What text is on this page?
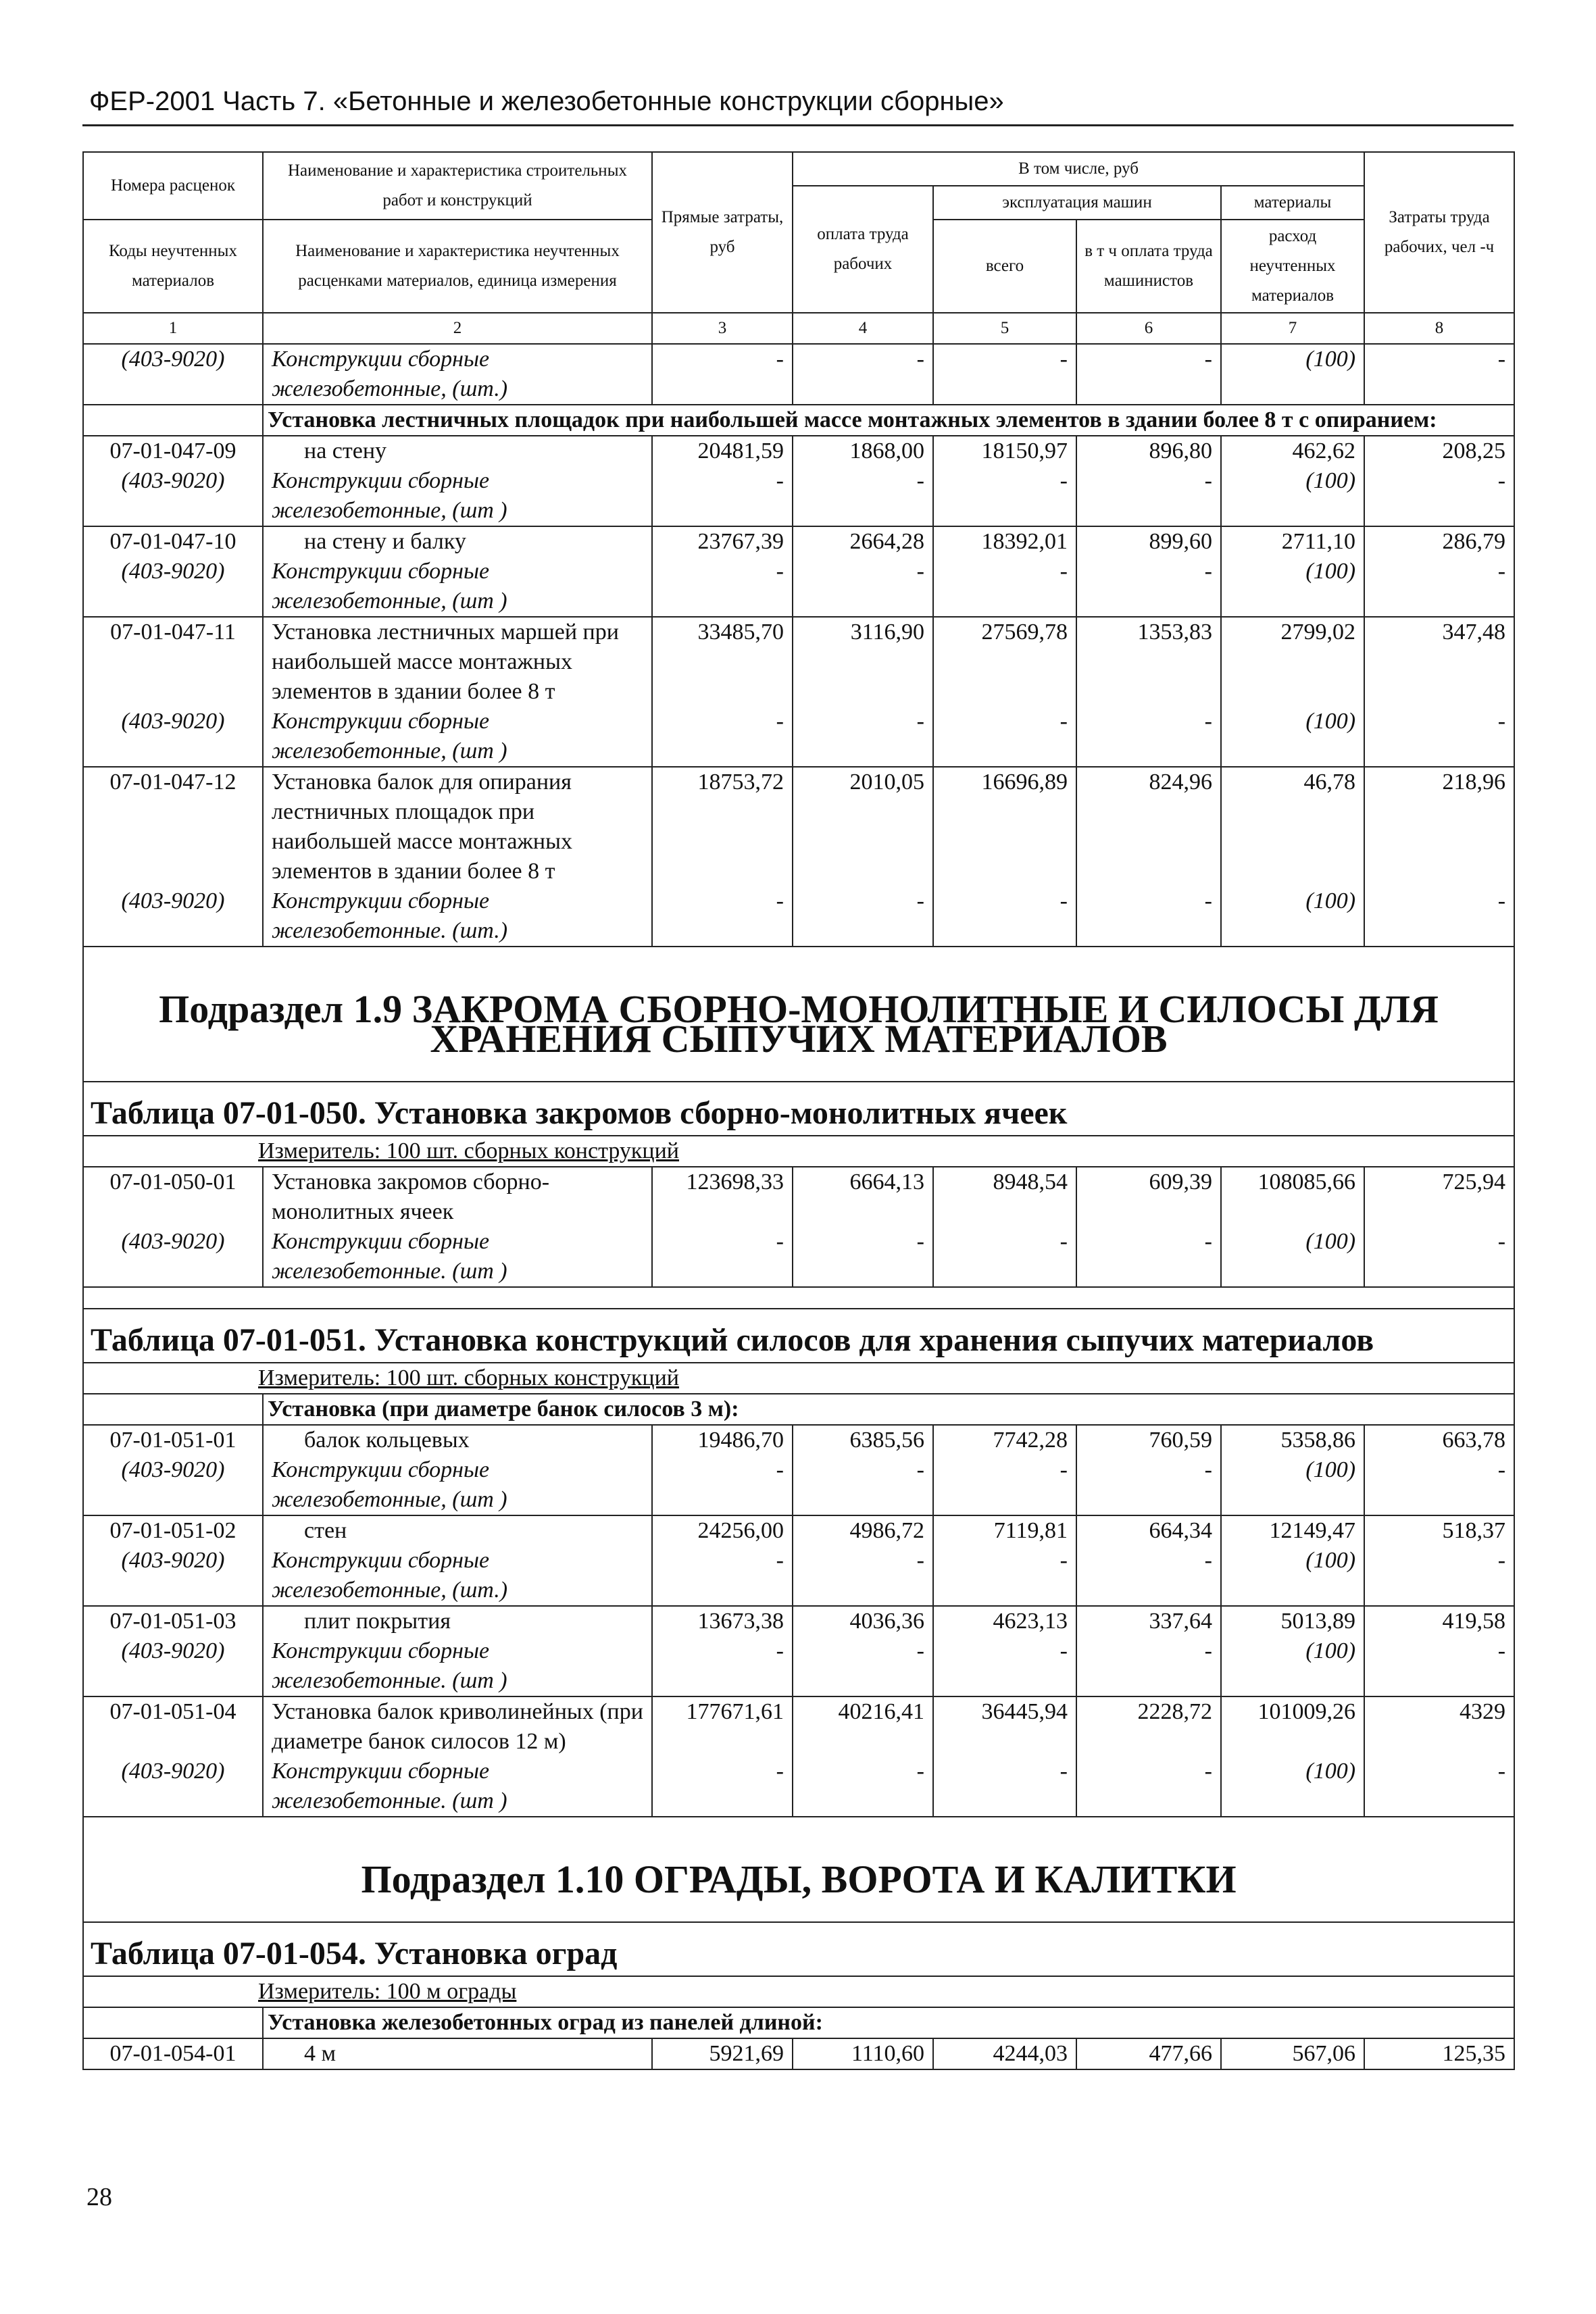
ФЕР-2001 Часть 7. «Бетонные и железобетонные конструкции сборные»
Номера расценок	Наименование и характеристика строительных работ и конструкций	Прямые затраты, руб	В том числе, руб				Затраты труда рабочих, чел -ч
			оплата труда рабочих	эксплуатация машин		материалы	
Коды неучтенных материалов	Наименование и характеристика неучтенных расценками материалов, единица измерения			всего	в т ч оплата труда машинистов	расход неучтенных материалов	
1	2	3	4	5	6	7	8
(403-9020)	Конструкции сборные железобетонные, (шт.)	-	-	-	-	(100)	-
	Установка лестничных площадок при наибольшей массе монтажных элементов в здании более 8 т с опиранием:						
07-01-047-09	на стену	20481,59	1868,00	18150,97	896,80	462,62	208,25
(403-9020)	Конструкции сборные железобетонные, (шт )	-	-	-	-	(100)	-
07-01-047-10	на стену и балку	23767,39	2664,28	18392,01	899,60	2711,10	286,79
(403-9020)	Конструкции сборные железобетонные, (шт )	-	-	-	-	(100)	-
07-01-047-11	Установка лестничных маршей при наибольшей массе монтажных элементов в здании более 8 т	33485,70	3116,90	27569,78	1353,83	2799,02	347,48
(403-9020)	Конструкции сборные железобетонные, (шт )	-	-	-	-	(100)	-
07-01-047-12	Установка балок для опирания лестничных площадок при наибольшей массе монтажных элементов в здании более 8 т	18753,72	2010,05	16696,89	824,96	46,78	218,96
(403-9020)	Конструкции сборные железобетонные. (шт.)	-	-	-	-	(100)	-
Подраздел 1.9 ЗАКРОМА СБОРНО-МОНОЛИТНЫЕ И СИЛОСЫ ДЛЯ ХРАНЕНИЯ СЫПУЧИХ МАТЕРИАЛОВ							
Таблица 07-01-050. Установка закромов сборно-монолитных ячеек							
Измеритель: 100 шт. сборных конструкций							
07-01-050-01	Установка закромов сборно-монолитных ячеек	123698,33	6664,13	8948,54	609,39	108085,66	725,94
(403-9020)	Конструкции сборные железобетонные. (шт )	-	-	-	-	(100)	-

Таблица 07-01-051. Установка конструкций силосов для хранения сыпучих материалов							
Измеритель: 100 шт. сборных конструкций							
	Установка (при диаметре банок силосов 3 м):						
07-01-051-01	балок кольцевых	19486,70	6385,56	7742,28	760,59	5358,86	663,78
(403-9020)	Конструкции сборные железобетонные, (шт )	-	-	-	-	(100)	-
07-01-051-02	стен	24256,00	4986,72	7119,81	664,34	12149,47	518,37
(403-9020)	Конструкции сборные железобетонные, (шт.)	-	-	-	-	(100)	-
07-01-051-03	плит покрытия	13673,38	4036,36	4623,13	337,64	5013,89	419,58
(403-9020)	Конструкции сборные железобетонные. (шт )	-	-	-	-	(100)	-
07-01-051-04	Установка балок криволинейных (при диаметре банок силосов 12 м)	177671,61	40216,41	36445,94	2228,72	101009,26	4329
(403-9020)	Конструкции сборные железобетонные. (шт )	-	-	-	-	(100)	-
Подраздел 1.10 ОГРАДЫ, ВОРОТА И КАЛИТКИ							
Таблица 07-01-054. Установка оград							
Измеритель: 100 м ограды							
	Установка железобетонных оград из панелей длиной:						
07-01-054-01	4 м	5921,69	1110,60	4244,03	477,66	567,06	125,35
28
